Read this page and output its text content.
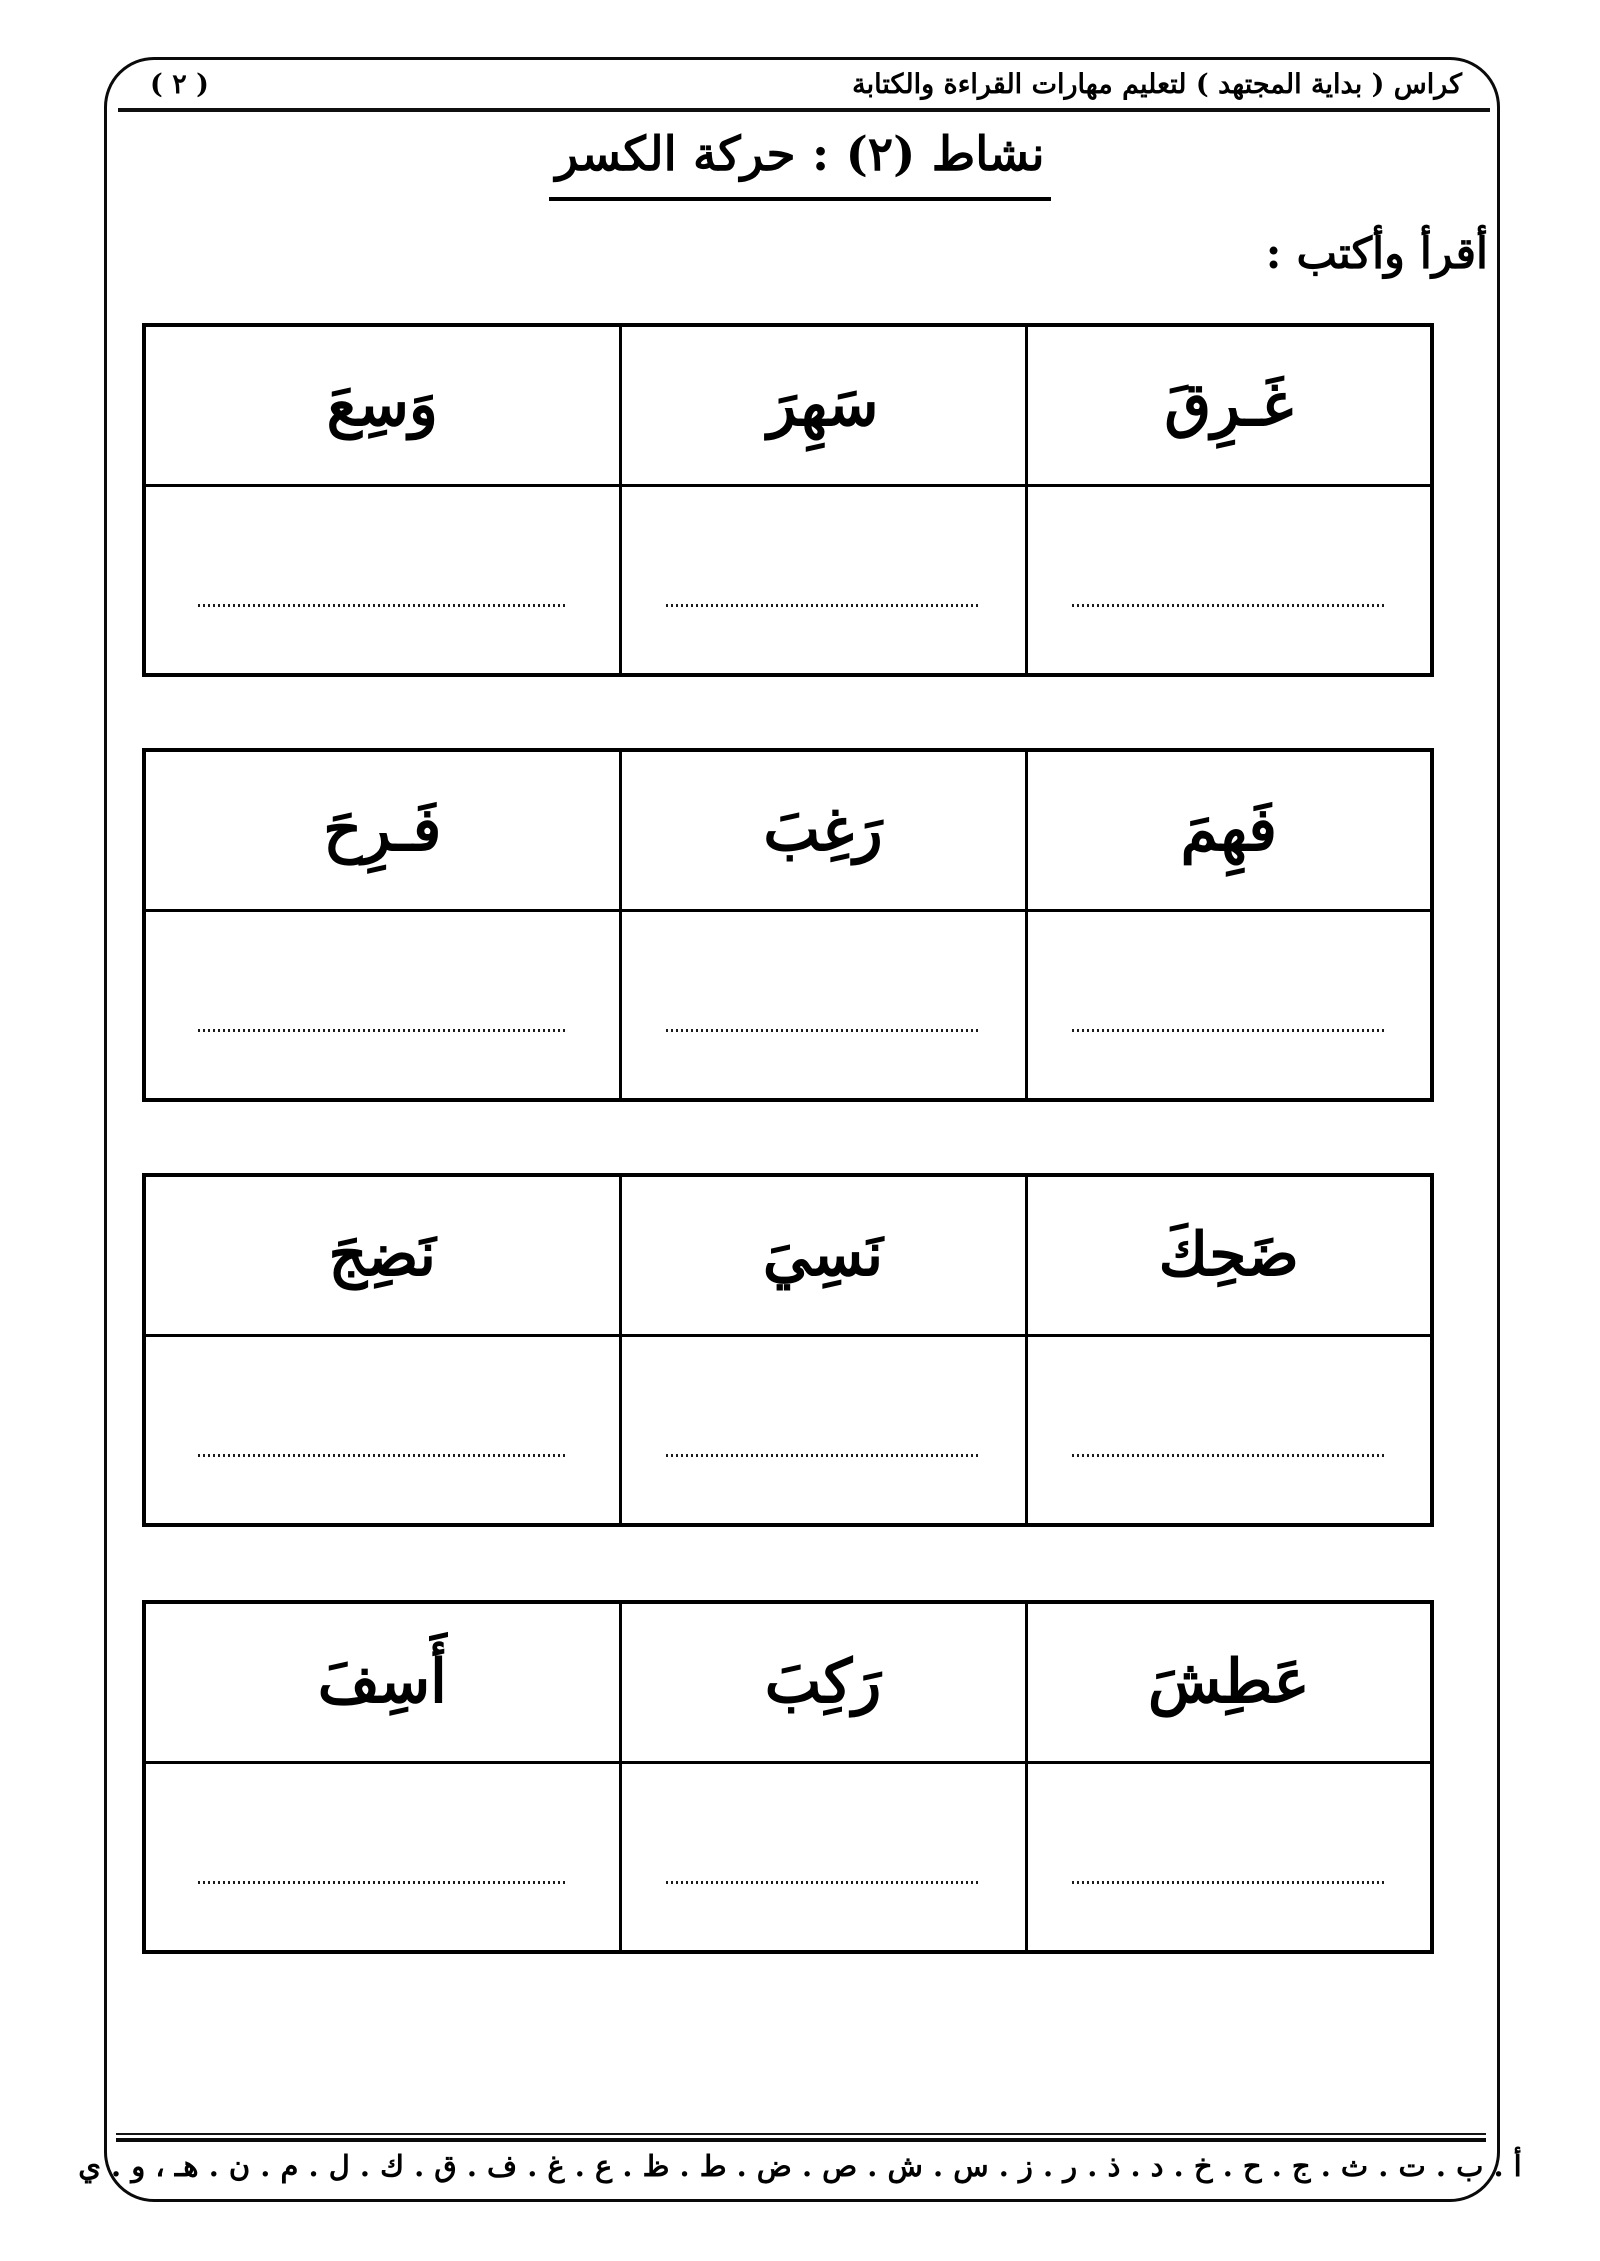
كراس ( بداية المجتهد ) لتعليم مهارات القراءة والكتابة
( ٢ )
نشاط (٢) : حركة الكسر
أقرأ وأكتب :
غَـرِقَ	سَهِرَ	وَسِعَ

فَهِمَ	رَغِبَ	فَـرِحَ

ضَحِكَ	نَسِيَ	نَضِجَ

عَطِشَ	رَكِبَ	أَسِفَ

أ . ب . ت . ث . ج . ح . خ . د . ذ . ر . ز . س . ش . ص . ض . ط . ظ . ع . غ . ف . ق . ك . ل . م . ن . هـ ، و . ي
